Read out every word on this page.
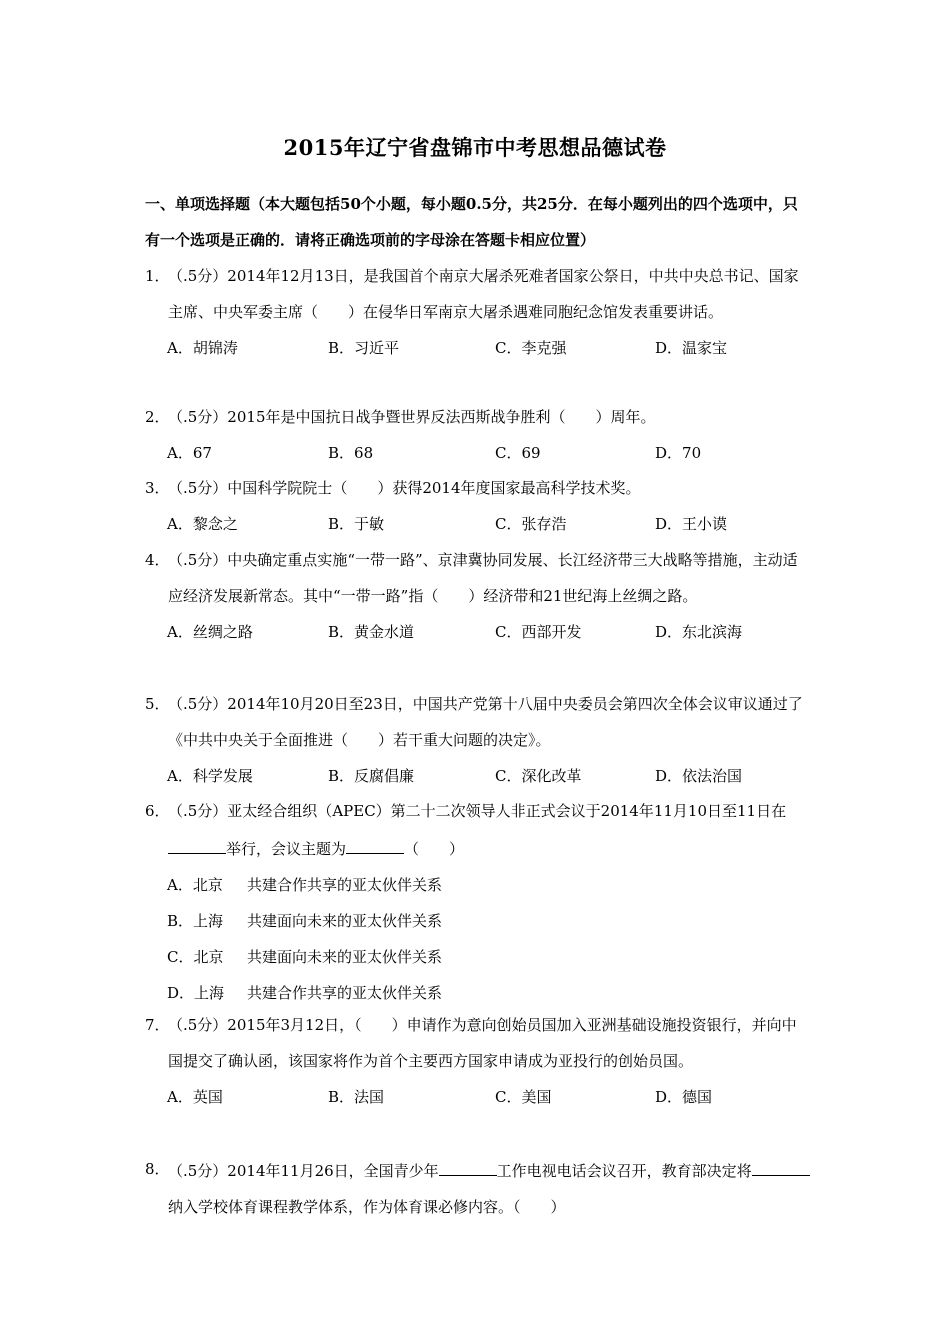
2015年辽宁省盘锦市中考思想品德试卷
一、单项选择题（本大题包括50个小题，每小题0.5分，共25分．在每小题列出的四个选项中，只有一个选项是正确的．请将正确选项前的字母涂在答题卡相应位置）
1．
（.5分）2014年12月13日，是我国首个南京大屠杀死难者国家公祭日，中共中央总书记、国家主席、中央军委主席（　　）在侵华日军南京大屠杀遇难同胞纪念馆发表重要讲话。
A．胡锦涛	B．习近平	C．李克强	D．温家宝
2．
（.5分）2015年是中国抗日战争暨世界反法西斯战争胜利（　　）周年。
A．67	B．68	C．69	D．70
3．
（.5分）中国科学院院士（　　）获得2014年度国家最高科学技术奖。
A．黎念之	B．于敏	C．张存浩	D．王小谟
4．
（.5分）中央确定重点实施“一带一路”、京津冀协同发展、长江经济带三大战略等措施，主动适应经济发展新常态。其中“一带一路”指（　　）经济带和21世纪海上丝绸之路。
A．丝绸之路	B．黄金水道	C．西部开发	D．东北滨海
5．
（.5分）2014年10月20日至23日，中国共产党第十八届中央委员会第四次全体会议审议通过了《中共中央关于全面推进（　　）若干重大问题的决定》。
A．科学发展	B．反腐倡廉	C．深化改革	D．依法治国
6．
（.5分）亚太经合组织（APEC）第二十二次领导人非正式会议于2014年11月10日至11日在举行，会议主题为	（　　）
A．北京 共建合作共享的亚太伙伴关系
B．上海 共建面向未来的亚太伙伴关系
C．北京 共建面向未来的亚太伙伴关系
D．上海 共建合作共享的亚太伙伴关系
7．
（.5分）2015年3月12日，（　　）申请作为意向创始员国加入亚洲基础设施投资银行，并向中国提交了确认函，该国家将作为首个主要西方国家申请成为亚投行的创始员国。
A．英国	B．法国	C．美国	D．德国
8．
（.5分）2014年11月26日，全国青少年	工作电视电话会议召开，教育部决定将纳入学校体育课程教学体系，作为体育课必修内容。（　　）
